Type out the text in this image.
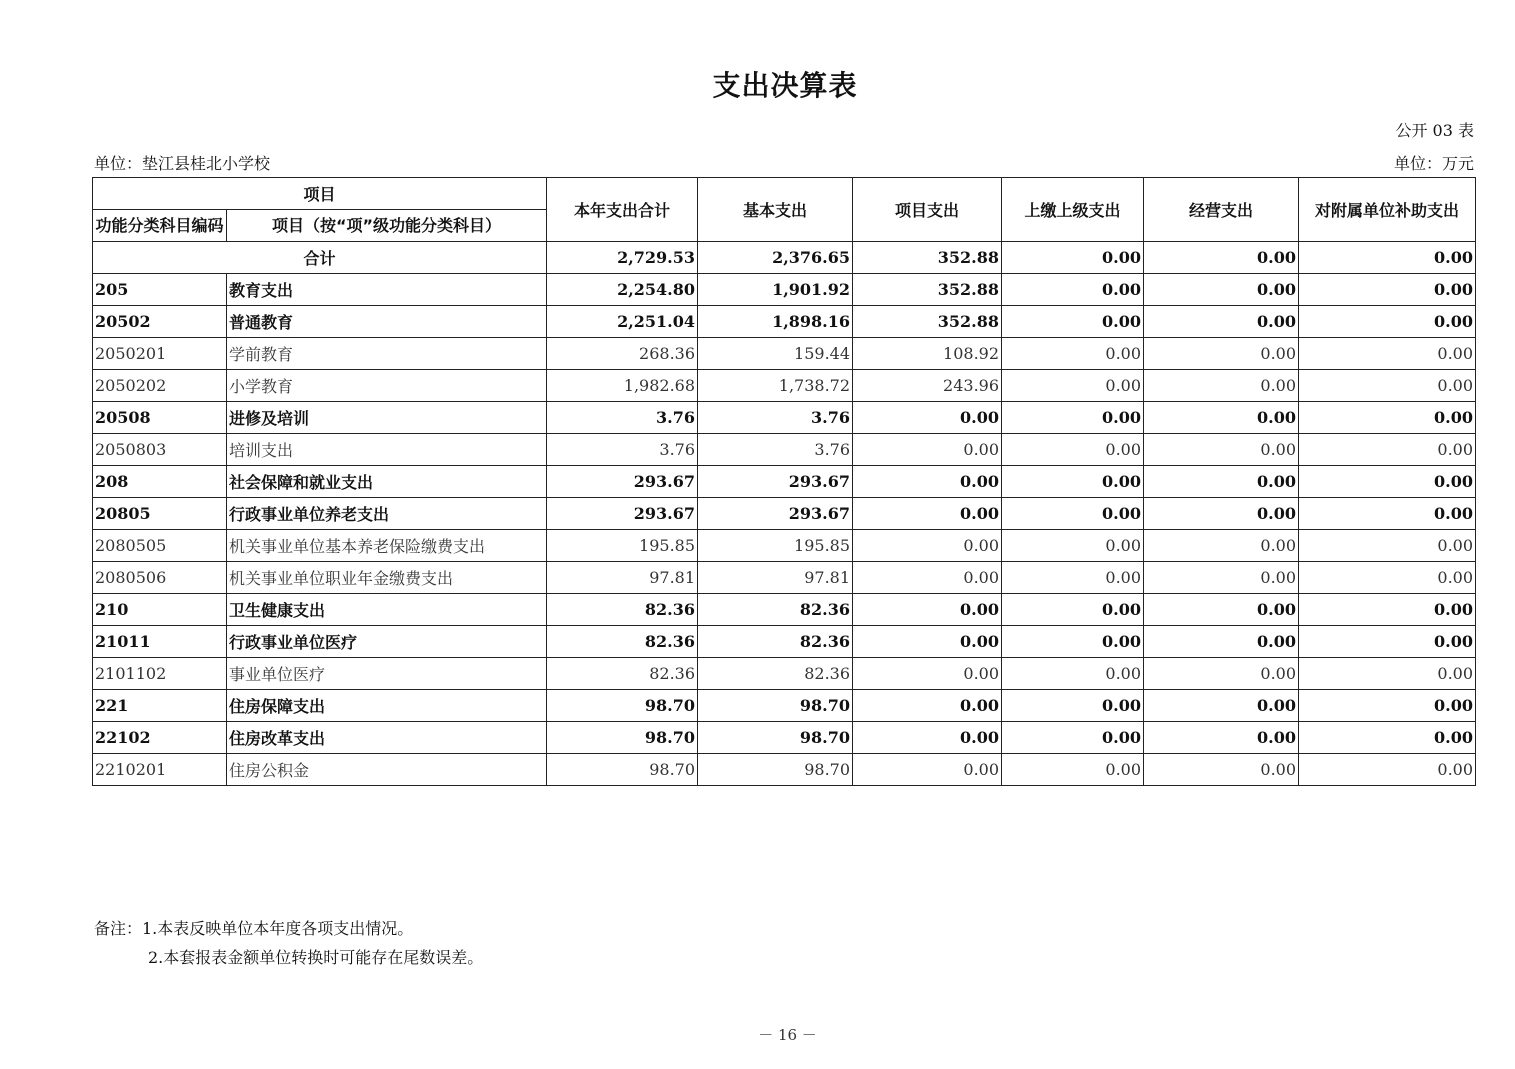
支出决算表
公开 03 表
单位：垫江县桂北小学校	单位：万元
项目		本年支出合计	基本支出	项目支出	上缴上级支出	经营支出	对附属单位补助支出
功能分类科目编码	项目（按“项”级功能分类科目）						
合计		2,729.53	2,376.65	352.88	0.00	0.00	0.00
205	教育支出	2,254.80	1,901.92	352.88	0.00	0.00	0.00
20502	普通教育	2,251.04	1,898.16	352.88	0.00	0.00	0.00
2050201	学前教育	268.36	159.44	108.92	0.00	0.00	0.00
2050202	小学教育	1,982.68	1,738.72	243.96	0.00	0.00	0.00
20508	进修及培训	3.76	3.76	0.00	0.00	0.00	0.00
2050803	培训支出	3.76	3.76	0.00	0.00	0.00	0.00
208	社会保障和就业支出	293.67	293.67	0.00	0.00	0.00	0.00
20805	行政事业单位养老支出	293.67	293.67	0.00	0.00	0.00	0.00
2080505	机关事业单位基本养老保险缴费支出	195.85	195.85	0.00	0.00	0.00	0.00
2080506	机关事业单位职业年金缴费支出	97.81	97.81	0.00	0.00	0.00	0.00
210	卫生健康支出	82.36	82.36	0.00	0.00	0.00	0.00
21011	行政事业单位医疗	82.36	82.36	0.00	0.00	0.00	0.00
2101102	事业单位医疗	82.36	82.36	0.00	0.00	0.00	0.00
221	住房保障支出	98.70	98.70	0.00	0.00	0.00	0.00
22102	住房改革支出	98.70	98.70	0.00	0.00	0.00	0.00
2210201	住房公积金	98.70	98.70	0.00	0.00	0.00	0.00
备注：1.本表反映单位本年度各项支出情况。
2.本套报表金额单位转换时可能存在尾数误差。
－ 16 －
